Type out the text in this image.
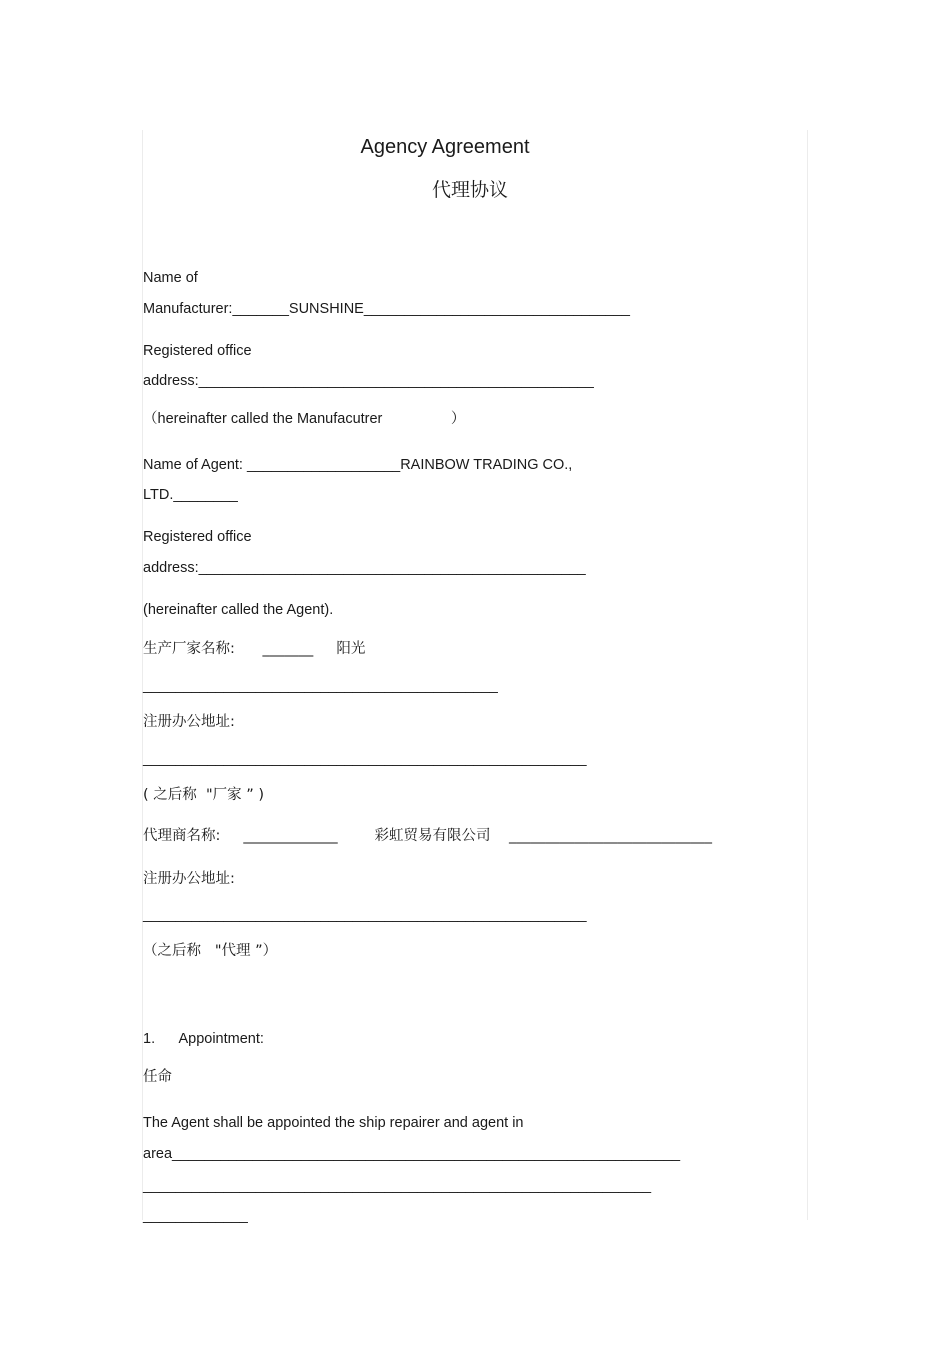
Agency Agreement
代理协议
Name of
Manufacturer:_______SUNSHINE_________________________________
Registered office
address:_________________________________________________
（hereinafter called the Manufacutrer                 ）
Name of Agent: ___________________RAINBOW TRADING CO.,
LTD.________
Registered office
address:________________________________________________
(hereinafter called the Agent).
生产厂家名称:      _______     阳光
____________________________________________
注册办公地址:
_______________________________________________________
( 之后称  "厂家 ” )
代理商名称:     _____________        彩虹贸易有限公司    ____________________________
注册办公地址:
_______________________________________________________
（之后称   "代理 ”）
1.      Appointment:
任命
The Agent shall be appointed the ship repairer and agent in
area_______________________________________________________________
_______________________________________________________________
_____________
